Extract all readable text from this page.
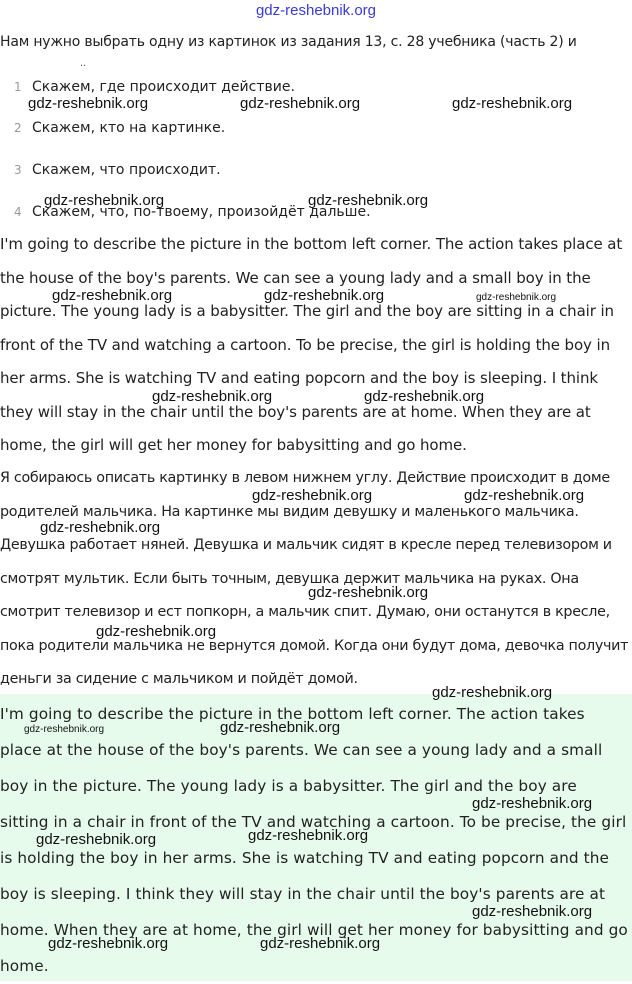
gdz-reshebnik.org
Нам нужно выбрать одну из картинок из задания 13, с. 28 учебника (часть 2) и
..
1 Скажем, где происходит действие.
2 Скажем, кто на картинке.
3 Скажем, что происходит.
4 Скажем, что, по-твоему, произойдёт дальше.
I'm going to describe the picture in the bottom left corner. The action takes place at the house of the boy's parents. We can see a young lady and a small boy in the picture. The young lady is a babysitter. The girl and the boy are sitting in a chair in front of the TV and watching a cartoon. To be precise, the girl is holding the boy in her arms. She is watching TV and eating popcorn and the boy is sleeping. I think they will stay in the chair until the boy's parents are at home. When they are at home, the girl will get her money for babysitting and go home.
Я собираюсь описать картинку в левом нижнем углу. Действие происходит в доме родителей мальчика. На картинке мы видим девушку и маленького мальчика. Девушка работает няней. Девушка и мальчик сидят в кресле перед телевизором и смотрят мультик. Если быть точным, девушка держит мальчика на руках. Она смотрит телевизор и ест попкорн, а мальчик спит. Думаю, они останутся в кресле, пока родители мальчика не вернутся домой. Когда они будут дома, девочка получит деньги за сидение с мальчиком и пойдёт домой.
I'm going to describe the picture in the bottom left corner. The action takes place at the house of the boy's parents. We can see a young lady and a small boy in the picture. The young lady is a babysitter. The girl and the boy are sitting in a chair in front of the TV and watching a cartoon. To be precise, the girl is holding the boy in her arms. She is watching TV and eating popcorn and the boy is sleeping. I think they will stay in the chair until the boy's parents are at home. When they are at home, the girl will get her money for babysitting and go home.
gdz-reshebnik.org	gdz-reshebnik.org	gdz-reshebnik.org
gdz-reshebnik.org	gdz-reshebnik.org
gdz-reshebnik.org	gdz-reshebnik.org	gdz-reshebnik.org
gdz-reshebnik.org	gdz-reshebnik.org
gdz-reshebnik.org	gdz-reshebnik.org
gdz-reshebnik.org
gdz-reshebnik.org
gdz-reshebnik.org
gdz-reshebnik.org
gdz-reshebnik.org	gdz-reshebnik.org
gdz-reshebnik.org
gdz-reshebnik.org
gdz-reshebnik.org
gdz-reshebnik.org
gdz-reshebnik.org	gdz-reshebnik.org
